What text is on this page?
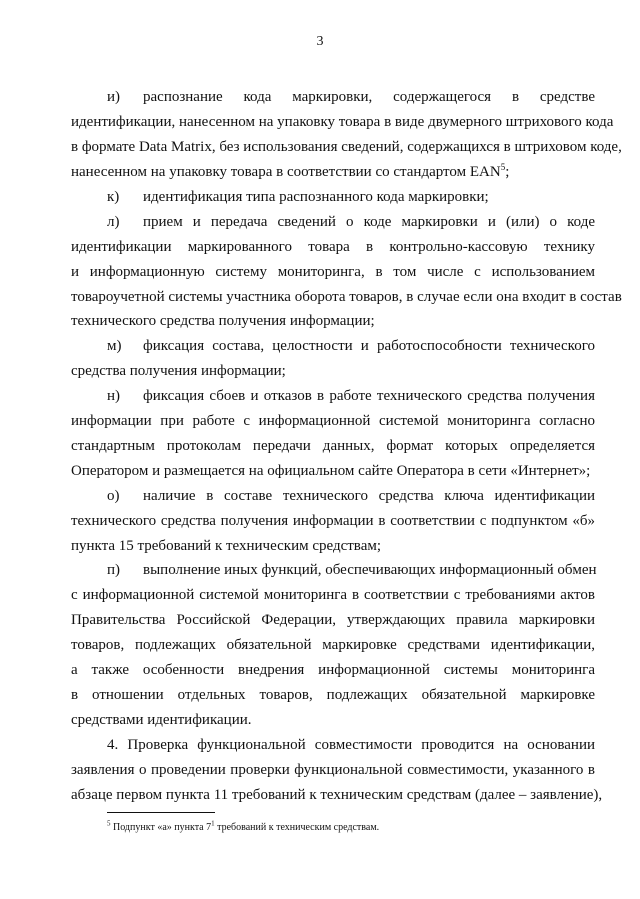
3
и) распознание кода маркировки, содержащегося в средстве
идентификации, нанесенном на упаковку товара в виде двумерного штрихового кода
в формате Data Matrix, без использования сведений, содержащихся в штриховом коде,
нанесенном на упаковку товара в соответствии со стандартом EAN$^5$;
к) идентификация типа распознанного кода маркировки;
л) прием и передача сведений о коде маркировки и (или) о коде
идентификации маркированного товара в контрольно-кассовую технику
и информационную систему мониторинга, в том числе с использованием
товароучетной системы участника оборота товаров, в случае если она входит в состав
технического средства получения информации;
м) фиксация состава, целостности и работоспособности технического
средства получения информации;
н) фиксация сбоев и отказов в работе технического средства получения
информации при работе с информационной системой мониторинга согласно
стандартным протоколам передачи данных, формат которых определяется
Оператором и размещается на официальном сайте Оператора в сети «Интернет»;
о) наличие в составе технического средства ключа идентификации
технического средства получения информации в соответствии с подпунктом «б»
пункта 15 требований к техническим средствам;
п) выполнение иных функций, обеспечивающих информационный обмен
с информационной системой мониторинга в соответствии с требованиями актов
Правительства Российской Федерации, утверждающих правила маркировки
товаров, подлежащих обязательной маркировке средствами идентификации,
а также особенности внедрения информационной системы мониторинга
в отношении отдельных товаров, подлежащих обязательной маркировке
средствами идентификации.
4. Проверка функциональной совместимости проводится на основании
заявления о проведении проверки функциональной совместимости, указанного в
абзаце первом пункта 11 требований к техническим средствам (далее – заявление),
$^5$ Подпункт «а» пункта $7^1$ требований к техническим средствам.
